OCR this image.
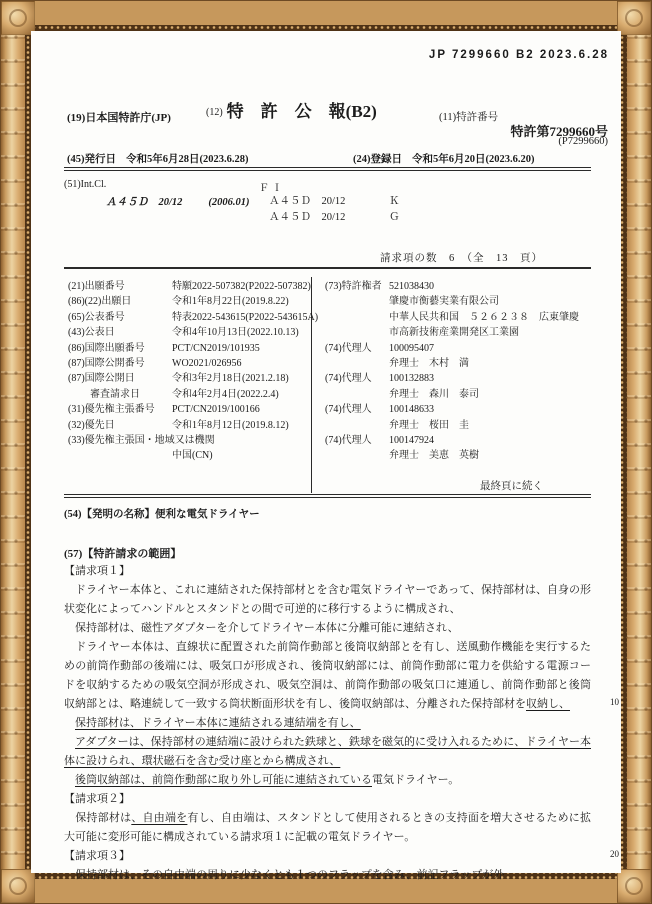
JP 7299660 B2 2023.6.28
(19)日本国特許庁(JP)	(12) 特　許　公　報(B2)	(11)特許番号
特許第7299660号
(P7299660)
(45)発行日 令和5年6月28日(2023.6.28)	(24)登録日 令和5年6月20日(2023.6.20)
(51)Int.Cl.
Ａ４５Ｄ　20/12 (2006.01)
ＦＩ
Ａ４５Ｄ　20/12	Ｋ
Ａ４５Ｄ　20/12	Ｇ
請求項の数　6　（全　13　頁）
(21)出願番号	特願2022-507382(P2022-507382)
(86)(22)出願日	令和1年8月22日(2019.8.22)
(65)公表番号	特表2022-543615(P2022-543615A)
(43)公表日	令和4年10月13日(2022.10.13)
(86)国際出願番号	PCT/CN2019/101935
(87)国際公開番号	WO2021/026956
(87)国際公開日	令和3年2月18日(2021.2.18)
審査請求日	令和4年2月4日(2022.2.4)
(31)優先権主張番号	PCT/CN2019/100166
(32)優先日	令和1年8月12日(2019.8.12)
(33)優先権主張国・地域又は機関
中国(CN)
(73)特許権者 521038430
肇慶市衡藝実業有限公司
中華人民共和国　５２６２３８　広東肇慶
市高新技術産業開発区工業園
(74)代理人	100095407
弁理士　木村　満
(74)代理人	100132883
弁理士　森川　泰司
(74)代理人	100148633
弁理士　桜田　圭
(74)代理人	100147924
弁理士　美恵　英樹
最終頁に続く
(54)【発明の名称】便利な電気ドライヤー
(57)【特許請求の範囲】

【請求項１】

　ドライヤー本体と、これに連結された保持部材とを含む電気ドライヤーであって、保持部材は、自身の形状変化によってハンドルとスタンドとの間で可逆的に移行するように構成され、

　保持部材は、磁性アダプターを介してドライヤー本体に分離可能に連結され、

　ドライヤー本体は、直線状に配置された前筒作動部と後筒収納部とを有し、送風動作機能を実行するための前筒作動部の後端には、吸気口が形成され、後筒収納部には、前筒作動部に電力を供給する電源コードを収納するための吸気空洞が形成され、吸気空洞は、前筒作動部の吸気口に連通し、前筒作動部と後筒収納部とは、略連続して一致する筒状断面形状を有し、後筒収納部は、分離された保持部材を収納し、

　保持部材は、ドライヤー本体に連結される連結端を有し、

　アダプターは、保持部材の連結端に設けられた鉄球と、鉄球を磁気的に受け入れるために、ドライヤー本体に設けられ、環状磁石を含む受け座とから構成され、

　後筒収納部は、前筒作動部に取り外し可能に連結されている電気ドライヤー。

【請求項２】

　保持部材は、自由端を有し、自由端は、スタンドとして使用されるときの支持面を増大させるために拡大可能に変形可能に構成されている請求項１に記載の電気ドライヤー。

【請求項３】

　保持部材は、その自由端の周りに少なくとも１つのフラップを含み、前記フラップが外

10
20
